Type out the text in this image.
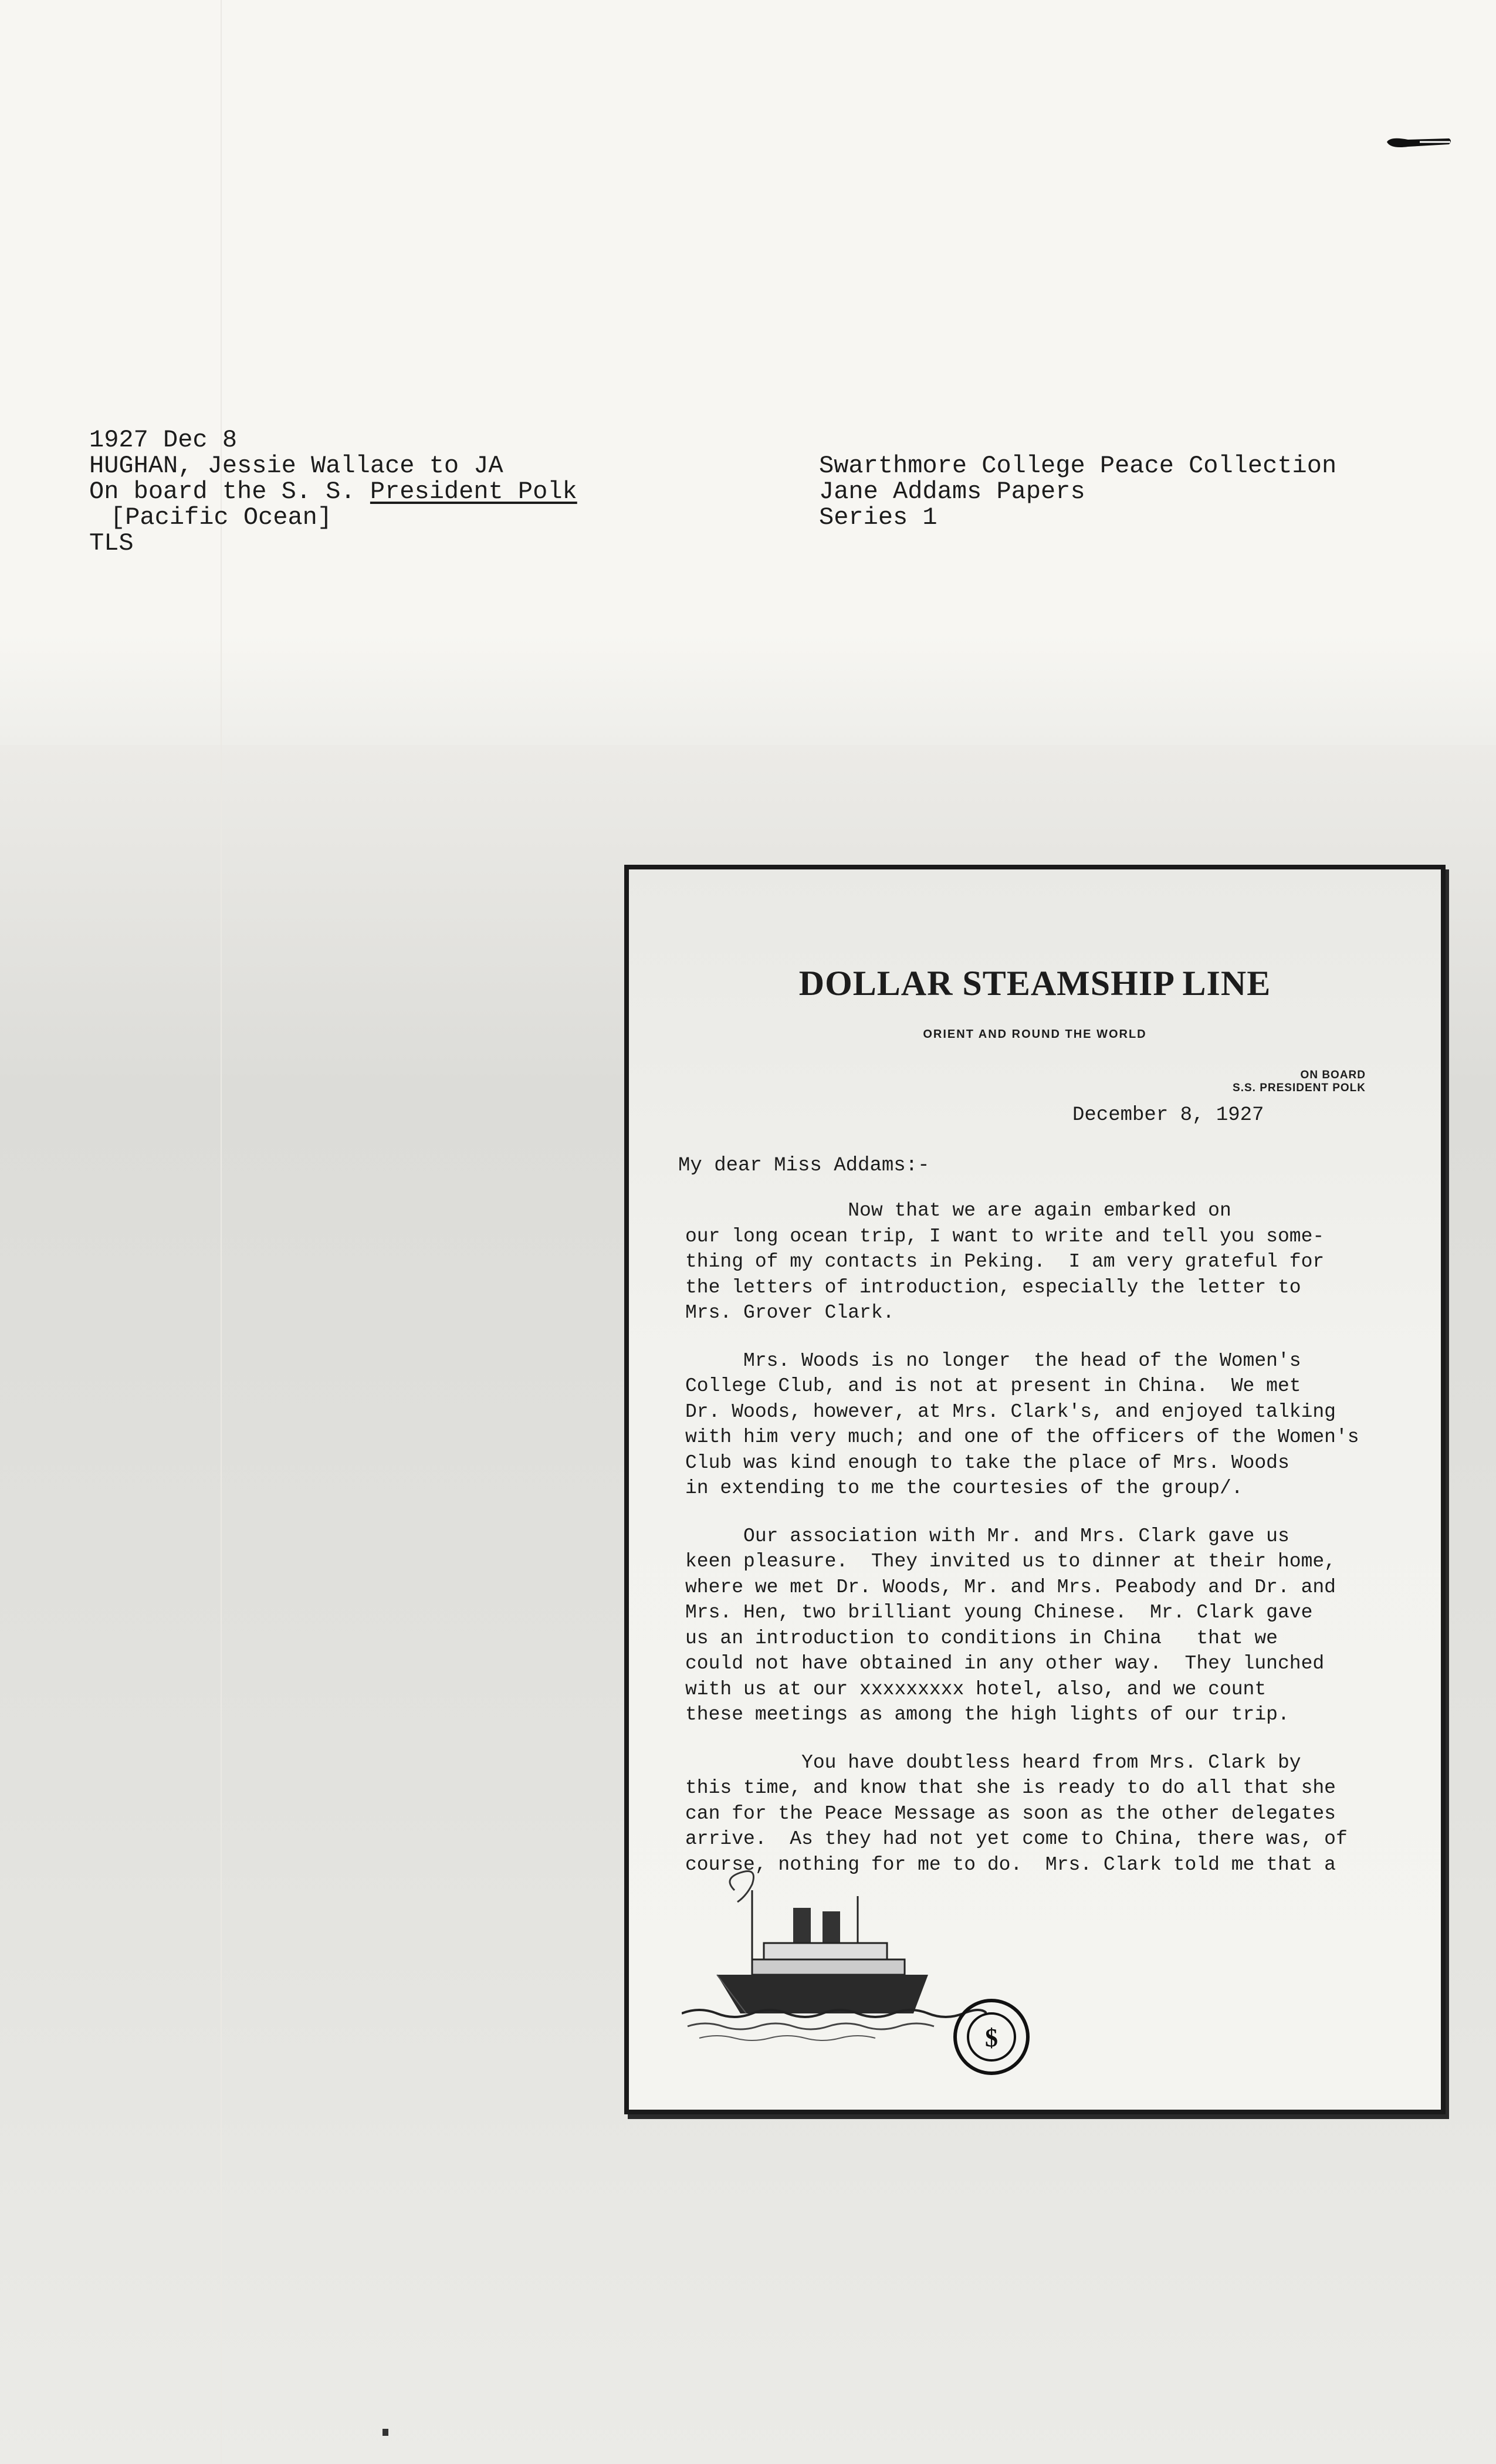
1927 Dec 8
HUGHAN, Jessie Wallace to JA
On board the S. S. President Polk
[Pacific Ocean]
TLS
Swarthmore College Peace Collection
Jane Addams Papers
Series 1
DOLLAR STEAMSHIP LINE
ORIENT AND ROUND THE WORLD
ON BOARD
S.S. PRESIDENT POLK
December 8, 1927
My dear Miss Addams:-

Now that we are again embarked on
our long ocean trip, I want to write and tell you some-
thing of my contacts in Peking.  I am very grateful for
the letters of introduction, especially the letter to
Mrs. Grover Clark.

Mrs. Woods is no longer  the head of the Women's
College Club, and is not at present in China.  We met
Dr. Woods, however, at Mrs. Clark's, and enjoyed talking
with him very much; and one of the officers of the Women's
Club was kind enough to take the place of Mrs. Woods
in extending to me the courtesies of the group/.

Our association with Mr. and Mrs. Clark gave us
keen pleasure.  They invited us to dinner at their home,
where we met Dr. Woods, Mr. and Mrs. Peabody and Dr. and
Mrs. Hen, two brilliant young Chinese.  Mr. Clark gave
us an introduction to conditions in China   that we
could not have obtained in any other way.  They lunched
with us at our xxxxxxxxx hotel, also, and we count
these meetings as among the high lights of our trip.

You have doubtless heard from Mrs. Clark by
this time, and know that she is ready to do all that she
can for the Peace Message as soon as the other delegates
arrive.  As they had not yet come to China, there was, of
course, nothing for me to do.  Mrs. Clark told me that a

$
